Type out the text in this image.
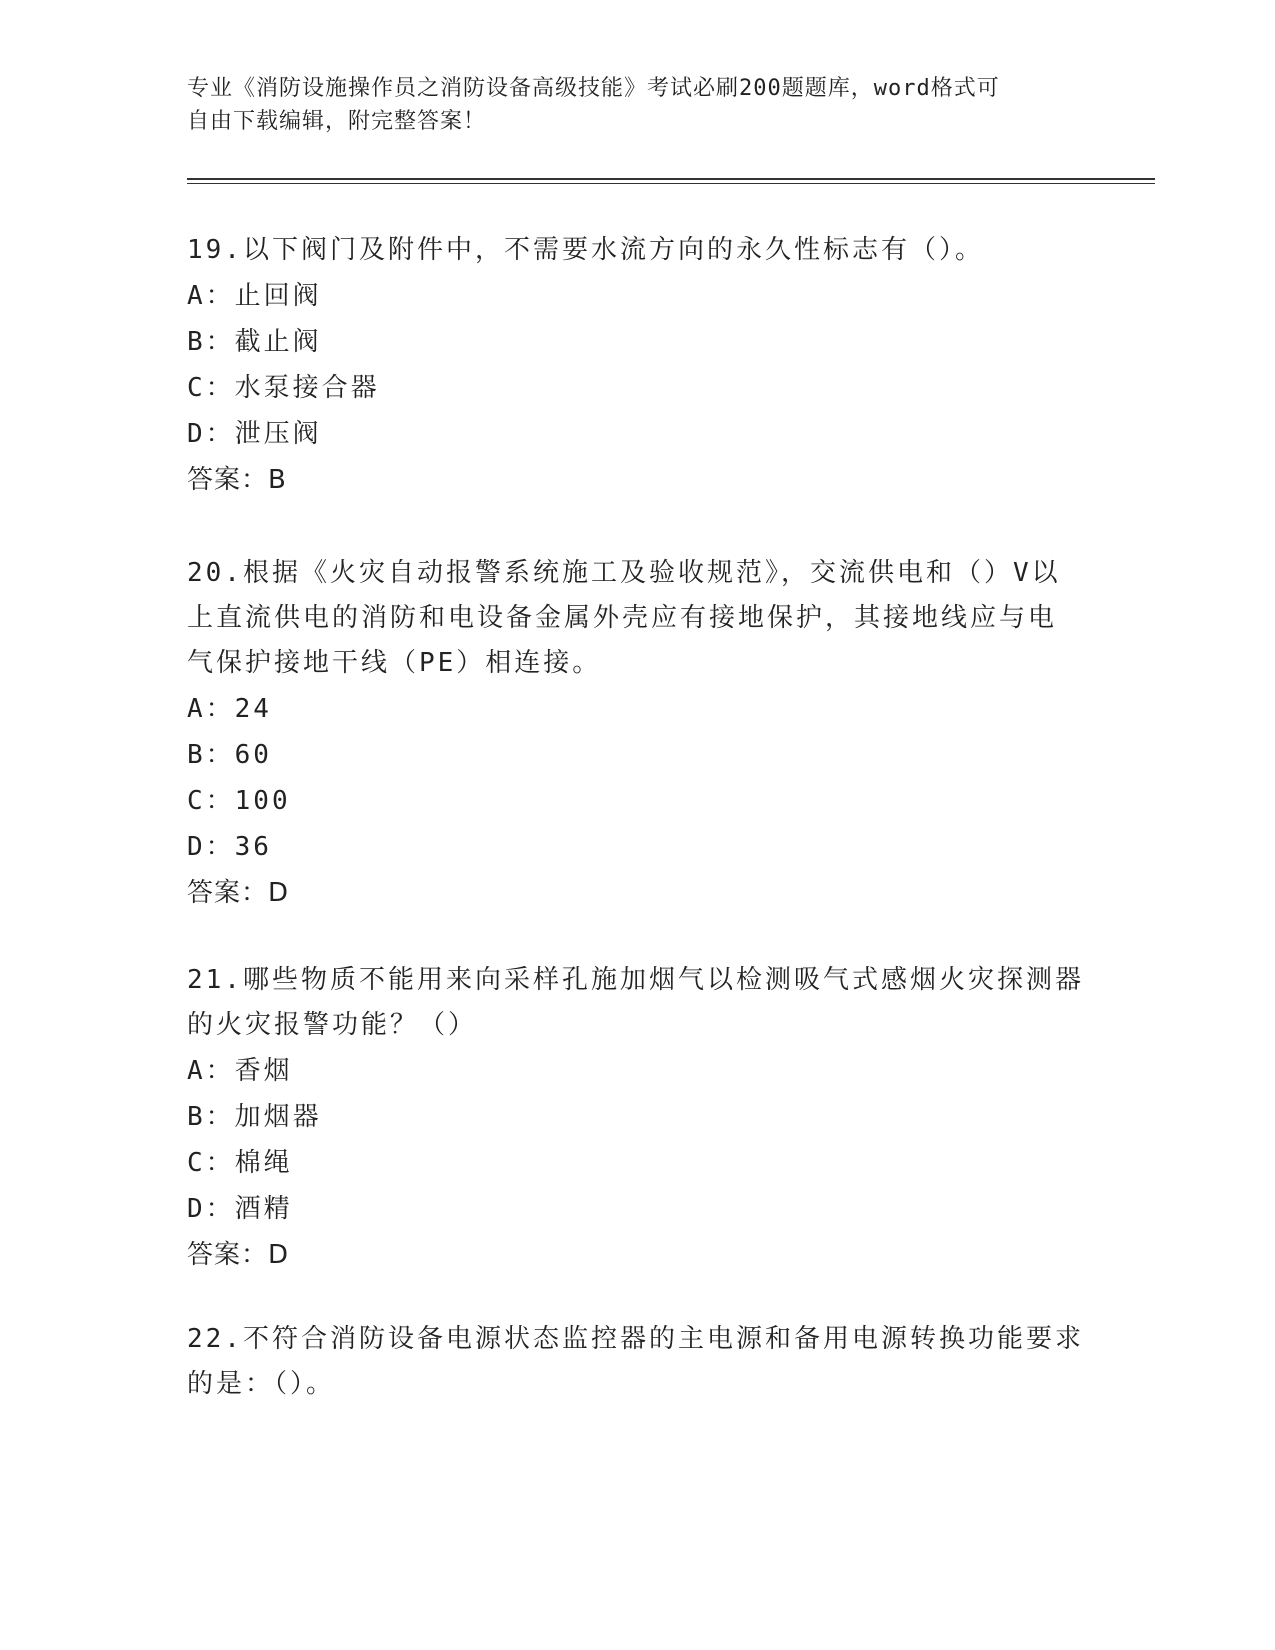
专业《消防设施操作员之消防设备高级技能》考试必刷200题题库，word格式可
自由下载编辑，附完整答案！
19.以下阀门及附件中，不需要水流方向的永久性标志有（）。
A：止回阀
B：截止阀
C：水泵接合器
D：泄压阀
答案：B
20.根据《火灾自动报警系统施工及验收规范》，交流供电和（）V以
上直流供电的消防和电设备金属外壳应有接地保护，其接地线应与电
气保护接地干线（PE）相连接。
A：24
B：60
C：100
D：36
答案：D
21.哪些物质不能用来向采样孔施加烟气以检测吸气式感烟火灾探测器
的火灾报警功能？（）
A：香烟
B：加烟器
C：棉绳
D：酒精
答案：D
22.不符合消防设备电源状态监控器的主电源和备用电源转换功能要求
的是：（）。
